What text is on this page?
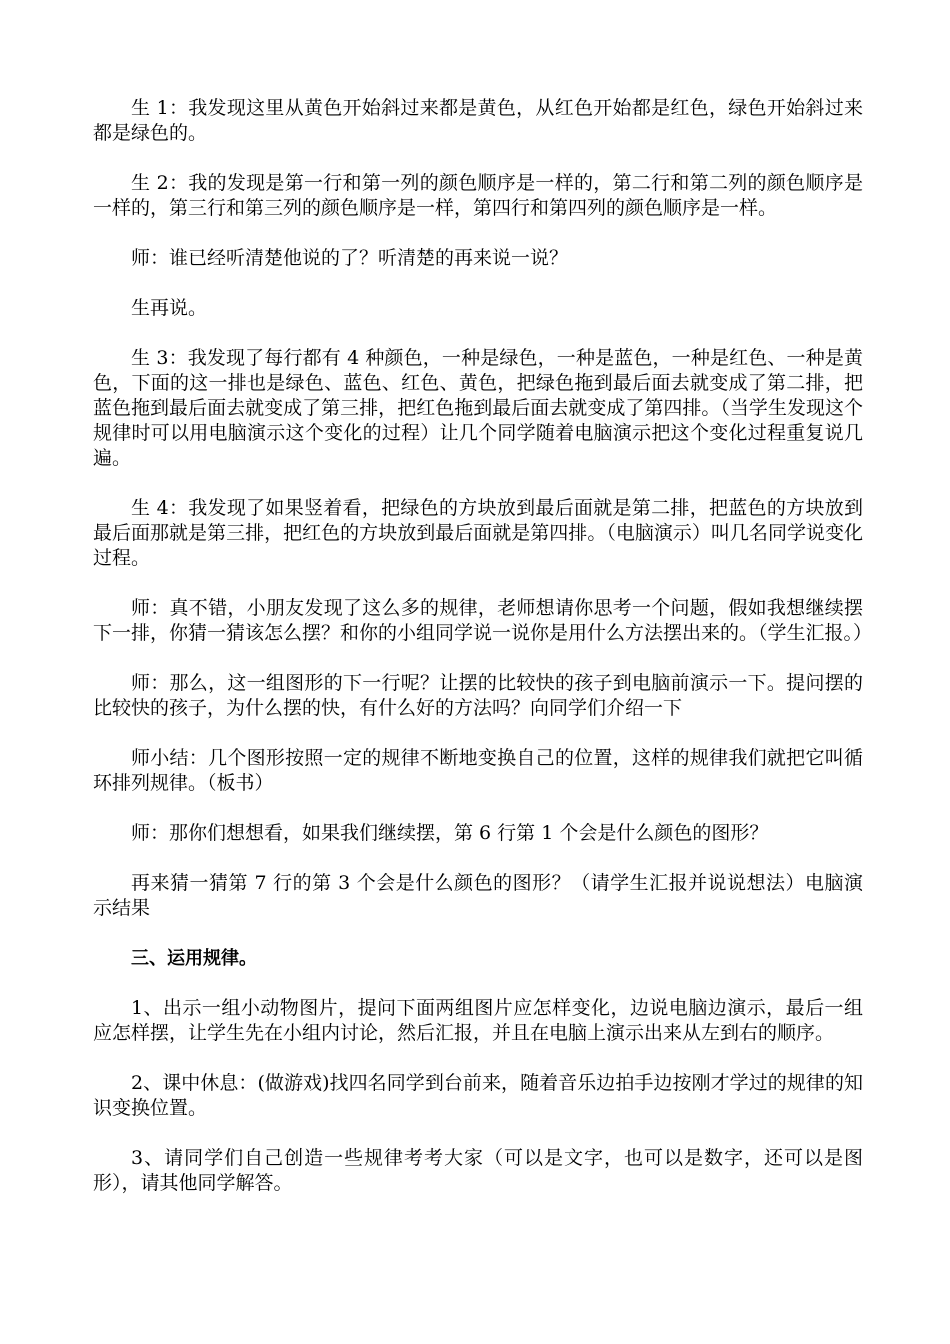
生 1：我发现这里从黄色开始斜过来都是黄色，从红色开始都是红色，绿色开始斜过来都是绿色的。

生 2：我的发现是第一行和第一列的颜色顺序是一样的，第二行和第二列的颜色顺序是一样的，第三行和第三列的颜色顺序是一样，第四行和第四列的颜色顺序是一样。

师：谁已经听清楚他说的了？听清楚的再来说一说？

生再说。

生 3：我发现了每行都有 4 种颜色，一种是绿色，一种是蓝色，一种是红色、一种是黄色，下面的这一排也是绿色、蓝色、红色、黄色，把绿色拖到最后面去就变成了第二排，把蓝色拖到最后面去就变成了第三排，把红色拖到最后面去就变成了第四排。（当学生发现这个规律时可以用电脑演示这个变化的过程）让几个同学随着电脑演示把这个变化过程重复说几遍。

生 4：我发现了如果竖着看，把绿色的方块放到最后面就是第二排，把蓝色的方块放到最后面那就是第三排，把红色的方块放到最后面就是第四排。（电脑演示）叫几名同学说变化过程。

师：真不错，小朋友发现了这么多的规律，老师想请你思考一个问题，假如我想继续摆下一排，你猜一猜该怎么摆？和你的小组同学说一说你是用什么方法摆出来的。（学生汇报。）

师：那么，这一组图形的下一行呢？让摆的比较快的孩子到电脑前演示一下。提问摆的比较快的孩子，为什么摆的快，有什么好的方法吗？向同学们介绍一下

师小结：几个图形按照一定的规律不断地变换自己的位置，这样的规律我们就把它叫循环排列规律。（板书）

师：那你们想想看，如果我们继续摆，第 6 行第 1 个会是什么颜色的图形？

再来猜一猜第 7 行的第 3 个会是什么颜色的图形？（请学生汇报并说说想法）电脑演示结果

三、运用规律。

1、出示一组小动物图片，提问下面两组图片应怎样变化，边说电脑边演示，最后一组应怎样摆，让学生先在小组内讨论，然后汇报，并且在电脑上演示出来从左到右的顺序。

2、课中休息：(做游戏)找四名同学到台前来，随着音乐边拍手边按刚才学过的规律的知识变换位置。

3、请同学们自己创造一些规律考考大家（可以是文字，也可以是数字，还可以是图形），请其他同学解答。
